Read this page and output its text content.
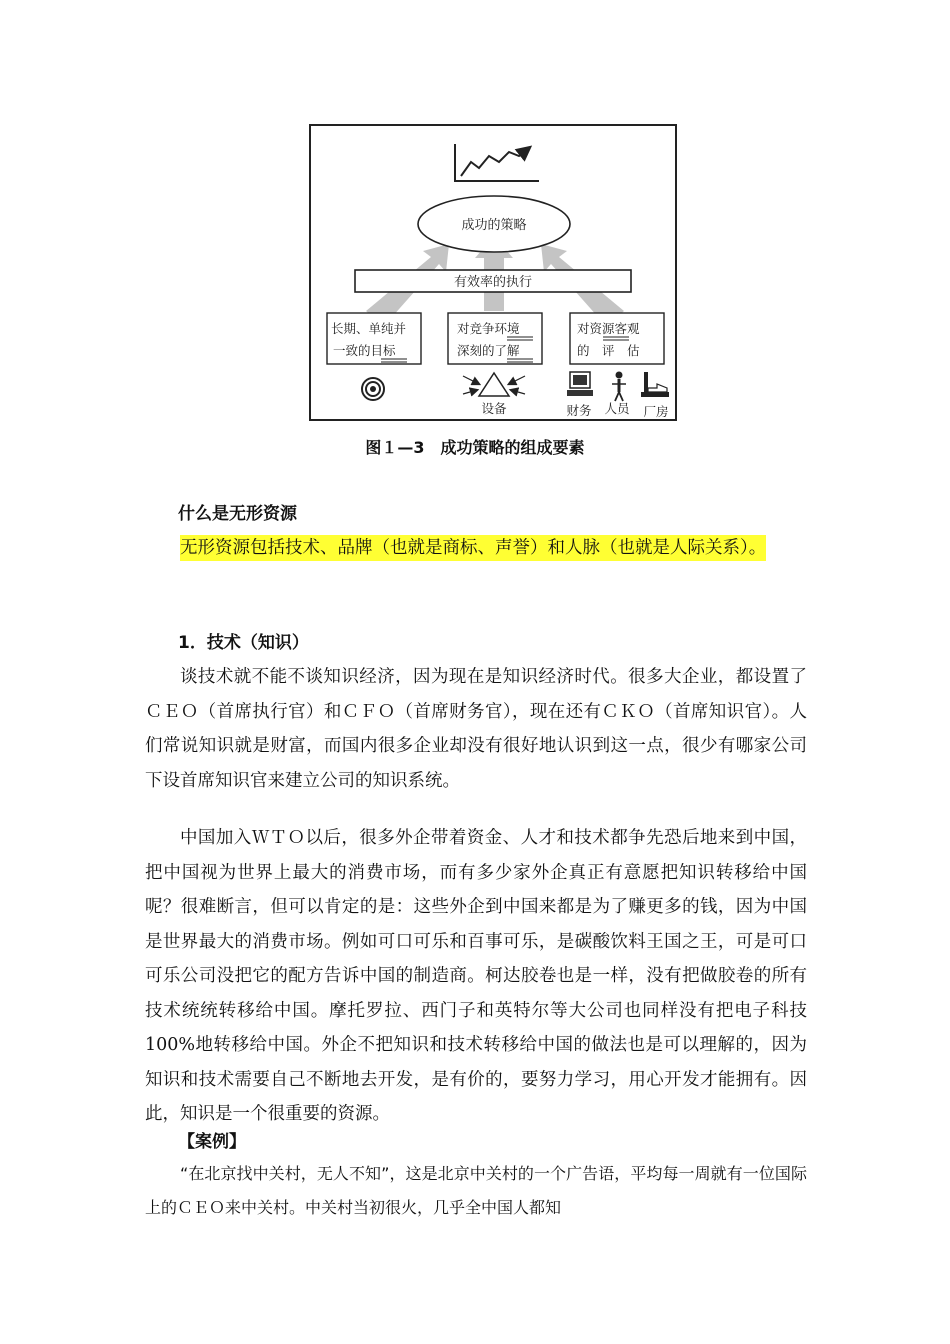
成功的策略
有效率的执行
长期、单纯并
一致的目标
对竞争环境
深刻的了解
对资源客观
的　评　估
设备	财务 人员 厂房
图１—3　成功策略的组成要素
什么是无形资源
无形资源包括技术、品牌（也就是商标、声誉）和人脉（也就是人际关系）。
1．技术（知识）

谈技术就不能不谈知识经济，因为现在是知识经济时代。很多大企业，都设置了ＣＥＯ（首席执行官）和ＣＦＯ（首席财务官），现在还有ＣＫＯ（首席知识官）。人们常说知识就是财富，而国内很多企业却没有很好地认识到这一点，很少有哪家公司下设首席知识官来建立公司的知识系统。

中国加入ＷＴＯ以后，很多外企带着资金、人才和技术都争先恐后地来到中国，把中国视为世界上最大的消费市场，而有多少家外企真正有意愿把知识转移给中国呢？很难断言，但可以肯定的是：这些外企到中国来都是为了赚更多的钱，因为中国是世界最大的消费市场。例如可口可乐和百事可乐，是碳酸饮料王国之王，可是可口可乐公司没把它的配方告诉中国的制造商。柯达胶卷也是一样，没有把做胶卷的所有技术统统转移给中国。摩托罗拉、西门子和英特尔等大公司也同样没有把电子科技100%地转移给中国。外企不把知识和技术转移给中国的做法也是可以理解的，因为知识和技术需要自己不断地去开发，是有价的，要努力学习，用心开发才能拥有。因此，知识是一个很重要的资源。

【案例】

“在北京找中关村，无人不知”，这是北京中关村的一个广告语，平均每一周就有一位国际上的ＣＥＯ来中关村。中关村当初很火，几乎全中国人都知
